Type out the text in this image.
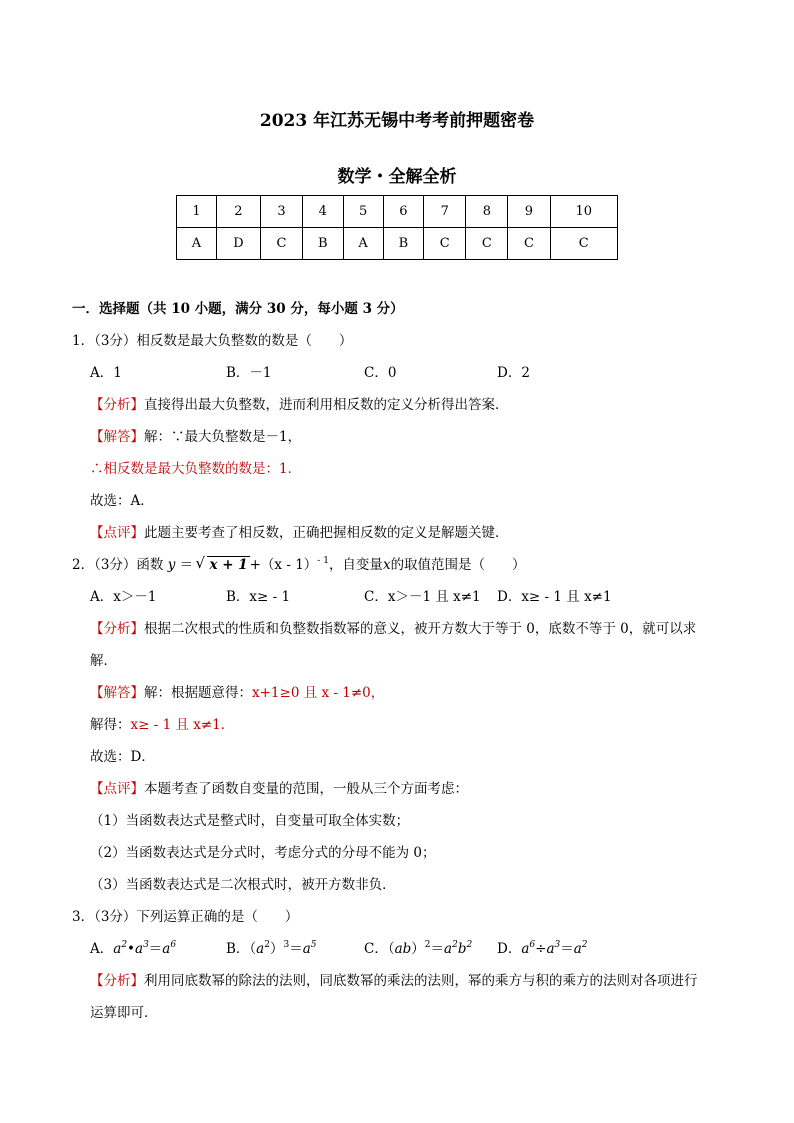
2023 年江苏无锡中考考前押题密卷
数学・全解全析
1	2	3	4	5	6	7	8	9	10
A	D	C	B	A	B	C	C	C	C
一．选择题（共 10 小题，满分 30 分，每小题 3 分）
1．（3分）相反数是最大负整数的数是（　　）
A．1	B．－1	C．0	D．2
【分析】直接得出最大负整数，进而利用相反数的定义分析得出答案．
【解答】解：∵最大负整数是－1，
∴相反数是最大负整数的数是：1．
故选：A．
【点评】此题主要考查了相反数，正确把握相反数的定义是解题关键．
2．（3分）函数 y ＝ √ x + 1 +（x - 1）$^{- 1}$，自变量x的取值范围是（　　）
A．x＞－1	B．x≥ - 1	C．x＞－1 且 x≠1 D．x≥ - 1 且 x≠1
【分析】根据二次根式的性质和负整数指数幂的意义，被开方数大于等于 0，底数不等于 0，就可以求
解．
【解答】解：根据题意得：x+1≥0 且 x - 1≠0，
解得：x≥ - 1 且 x≠1．
故选：D．
【点评】本题考查了函数自变量的范围，一般从三个方面考虑：
（1）当函数表达式是整式时，自变量可取全体实数；
（2）当函数表达式是分式时，考虑分式的分母不能为 0；
（3）当函数表达式是二次根式时，被开方数非负．
3．（3分）下列运算正确的是（　　）
A．$a^2•a^3=a^6$	B．$(a^2)^3=a^5$	C．$(ab)^2=a^2b^2$ D．$a^6\div a^3=a^2$
【分析】利用同底数幂的除法的法则，同底数幂的乘法的法则，幂的乘方与积的乘方的法则对各项进行
运算即可．
